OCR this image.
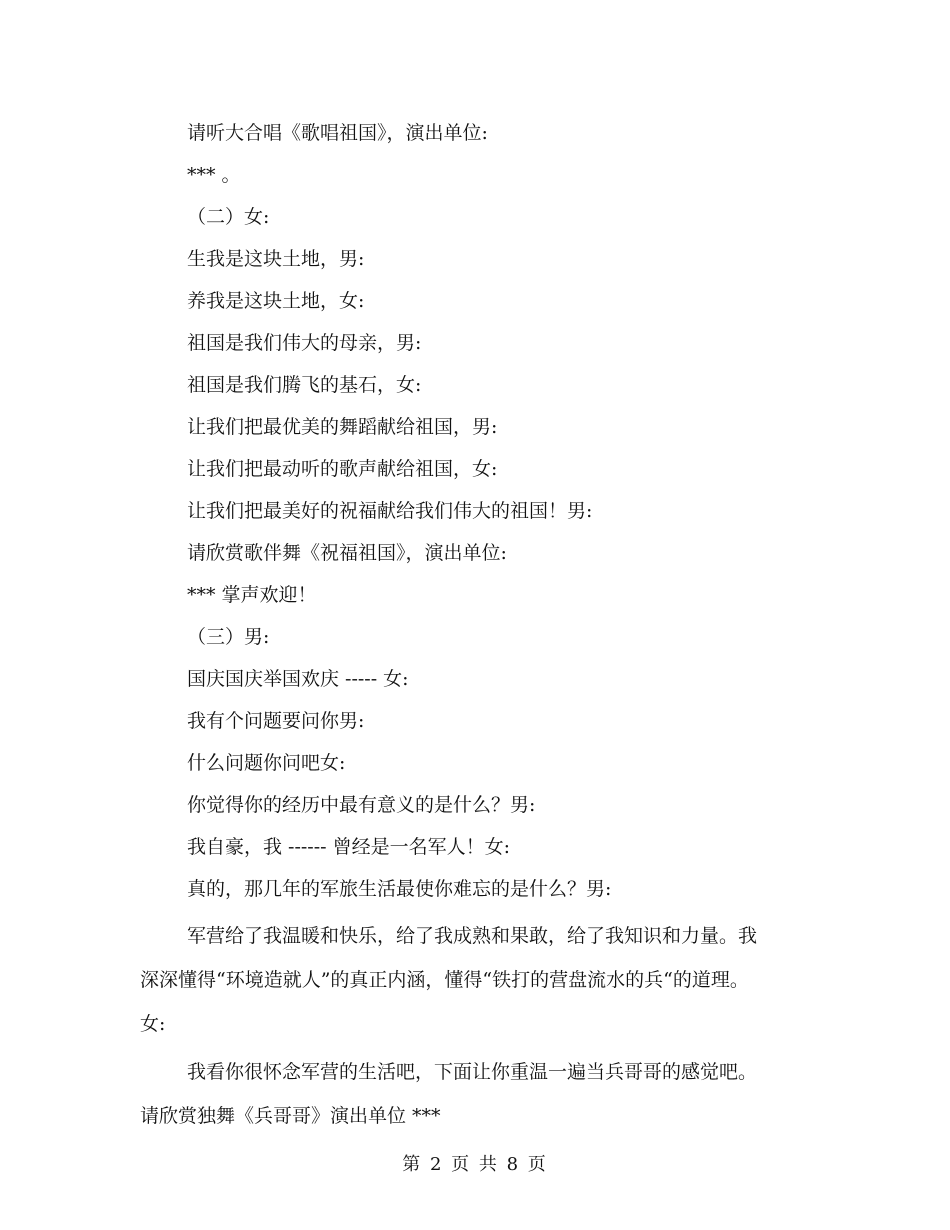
请听大合唱《歌唱祖国》，演出单位:
*** 。
（二）女:
生我是这块土地，男:
养我是这块土地，女:
祖国是我们伟大的母亲，男:
祖国是我们腾飞的基石，女:
让我们把最优美的舞蹈献给祖国，男:
让我们把最动听的歌声献给祖国，女:
让我们把最美好的祝福献给我们伟大的祖国！男:
请欣赏歌伴舞《祝福祖国》，演出单位:
*** 掌声欢迎！
（三）男:
国庆国庆举国欢庆 ----- 女:
我有个问题要问你男:
什么问题你问吧女:
你觉得你的经历中最有意义的是什么？男:
我自豪，我 ------ 曾经是一名军人！女:
真的，那几年的军旅生活最使你难忘的是什么？男:
军营给了我温暖和快乐，给了我成熟和果敢，给了我知识和力量。我深深懂得“环境造就人”的真正内涵，懂得“铁打的营盘流水的兵“的道理。女:
我看你很怀念军营的生活吧，下面让你重温一遍当兵哥哥的感觉吧。请欣赏独舞《兵哥哥》演出单位 ***
第 2 页 共 8 页
